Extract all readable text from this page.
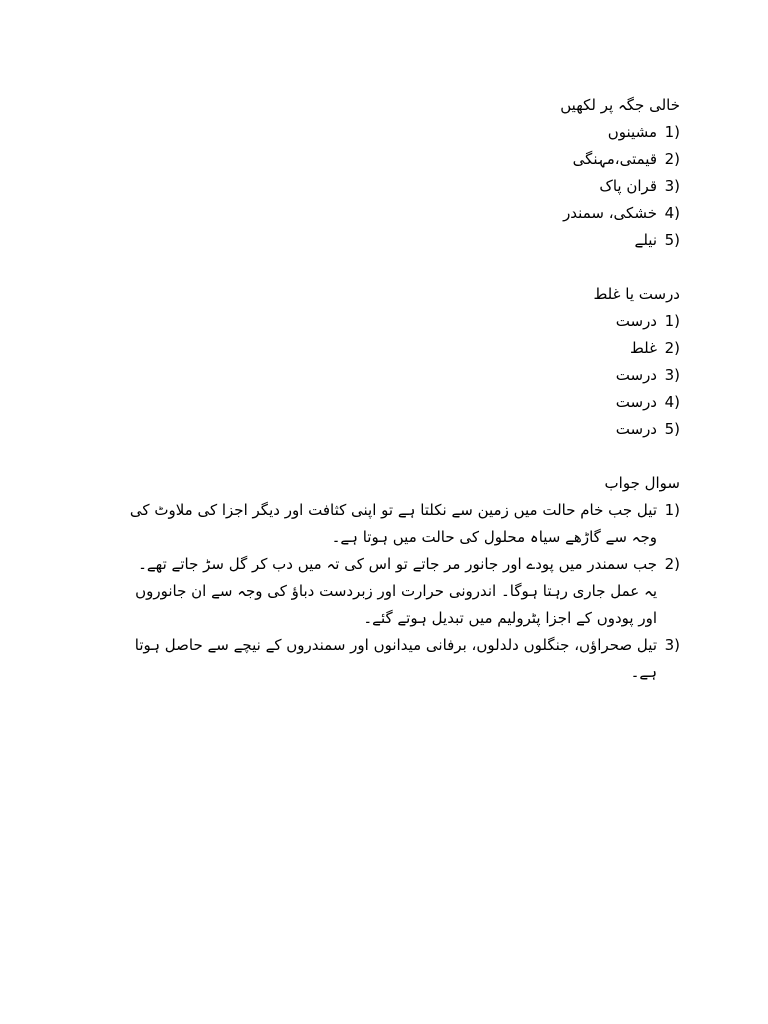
خالی جگہ پر لکھیں
1)
مشینوں
2)
قیمتی،مہنگی
3)
قران پاک
4)
خشکی، سمندر
5)
نیلے
درست یا غلط
1)
درست
2)
غلط
3)
درست
4)
درست
5)
درست
سوال جواب
1)
تیل جب خام حالت میں زمین سے نکلتا ہے تو اپنی کثافت اور دیگر اجزا کی ملاوٹ کی وجہ سے گاڑھے سیاہ محلول کی حالت میں ہوتا ہے۔
2)
جب سمندر میں پودے اور جانور مر جاتے تو اس کی تہ میں دب کر گل سڑ جاتے تھے۔ یہ عمل جاری رہتا ہوگا۔ اندرونی حرارت اور زبردست دباؤ کی وجہ سے ان جانوروں اور پودوں کے اجزا پٹرولیم میں تبدیل ہوتے گئے۔
3)
تیل صحراؤں، جنگلوں دلدلوں، برفانی میدانوں اور سمندروں کے نیچے سے حاصل ہوتا ہے۔
